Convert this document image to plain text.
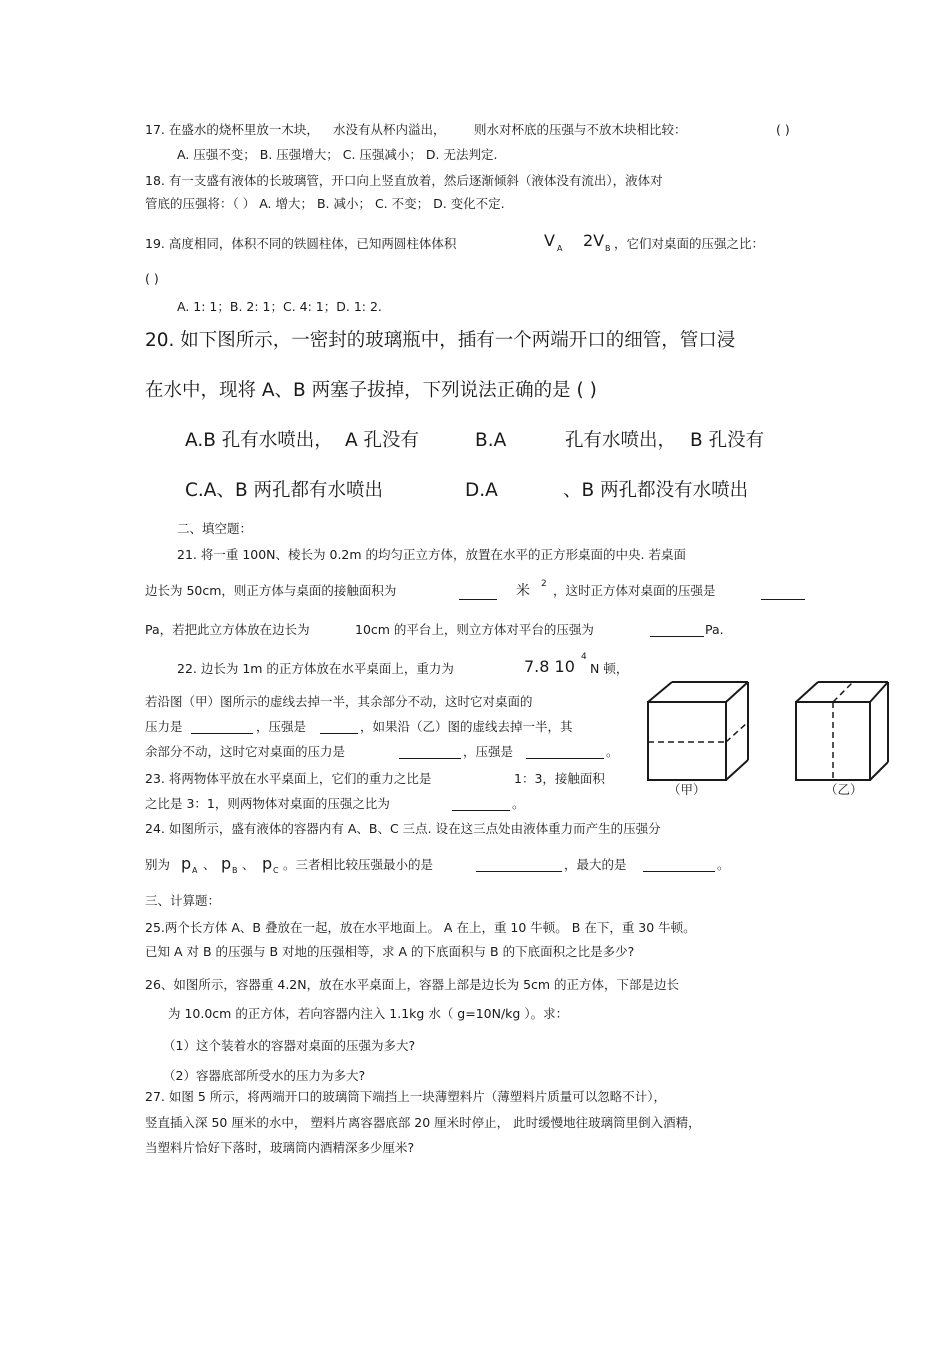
17. 在盛水的烧杯里放一木块， 水没有从杯内溢出， 则水对杯底的压强与不放木块相比较：	( )
A. 压强不变； B. 压强增大； C. 压强减小； D. 无法判定.
18. 有一支盛有液体的长玻璃管，开口向上竖直放着，然后逐渐倾斜（液体没有流出），液体对
管底的压强将：（ ） A. 增大； B. 减小； C. 不变； D. 变化不定.
19. 高度相同，体积不同的铁圆柱体，已知两圆柱体体积	V A 2V B ，它们对桌面的压强之比：
( )
A. 1: 1；B. 2: 1；C. 4: 1；D. 1: 2.
20. 如下图所示，一密封的玻璃瓶中，插有一个两端开口的细管，管口浸
在水中，现将 A、B 两塞子拔掉，下列说法正确的是 ( )
A.B 孔有水喷出， A 孔没有	B.A	孔有水喷出， B 孔没有
C.A、B 两孔都有水喷出	D.A	、B 两孔都没有水喷出
二、填空题：
21. 将一重 100N、棱长为 0.2m 的均匀正立方体，放置在水平的正方形桌面的中央. 若桌面
边长为 50cm，则正方体与桌面的接触面积为	米 2 ，这时正方体对桌面的压强是
Pa，若把此立方体放在边长为	10cm 的平台上，则立方体对平台的压强为	Pa.
22. 边长为 1m 的正方体放在水平桌面上，重力为	7.8 10 4
N 顿，
若沿图（甲）图所示的虚线去掉一半，其余部分不动，这时它对桌面的
压力是	，压强是	，如果沿（乙）图的虚线去掉一半，其
余部分不动，这时它对桌面的压力是	，压强是	。
（甲）	（乙）
23. 将两物体平放在水平桌面上，它们的重力之比是	1：3，接触面积
之比是 3：1，则两物体对桌面的压强之比为	。
24. 如图所示，盛有液体的容器内有 A、B、C 三点. 设在这三点处由液体重力而产生的压强分
别为 p A 、 p B 、 p C 。三者相比较压强最小的是	，最大的是	。
三、计算题：
25.两个长方体 A、B 叠放在一起，放在水平地面上。 A 在上，重 10 牛顿。 B 在下，重 30 牛顿。
已知 A 对 B 的压强与 B 对地的压强相等，求 A 的下底面积与 B 的下底面积之比是多少?
26、如图所示，容器重 4.2N，放在水平桌面上，容器上部是边长为 5cm 的正方体，下部是边长
为 10.0cm 的正方体，若向容器内注入 1.1kg 水（ g=10N/kg ）。求：
（1）这个装着水的容器对桌面的压强为多大?
（2）容器底部所受水的压力为多大?
27. 如图 5 所示，将两端开口的玻璃筒下端挡上一块薄塑料片（薄塑料片质量可以忽略不计），
竖直插入深 50 厘米的水中， 塑料片离容器底部 20 厘米时停止， 此时缓慢地往玻璃筒里倒入酒精，
当塑料片恰好下落时，玻璃筒内酒精深多少厘米?
